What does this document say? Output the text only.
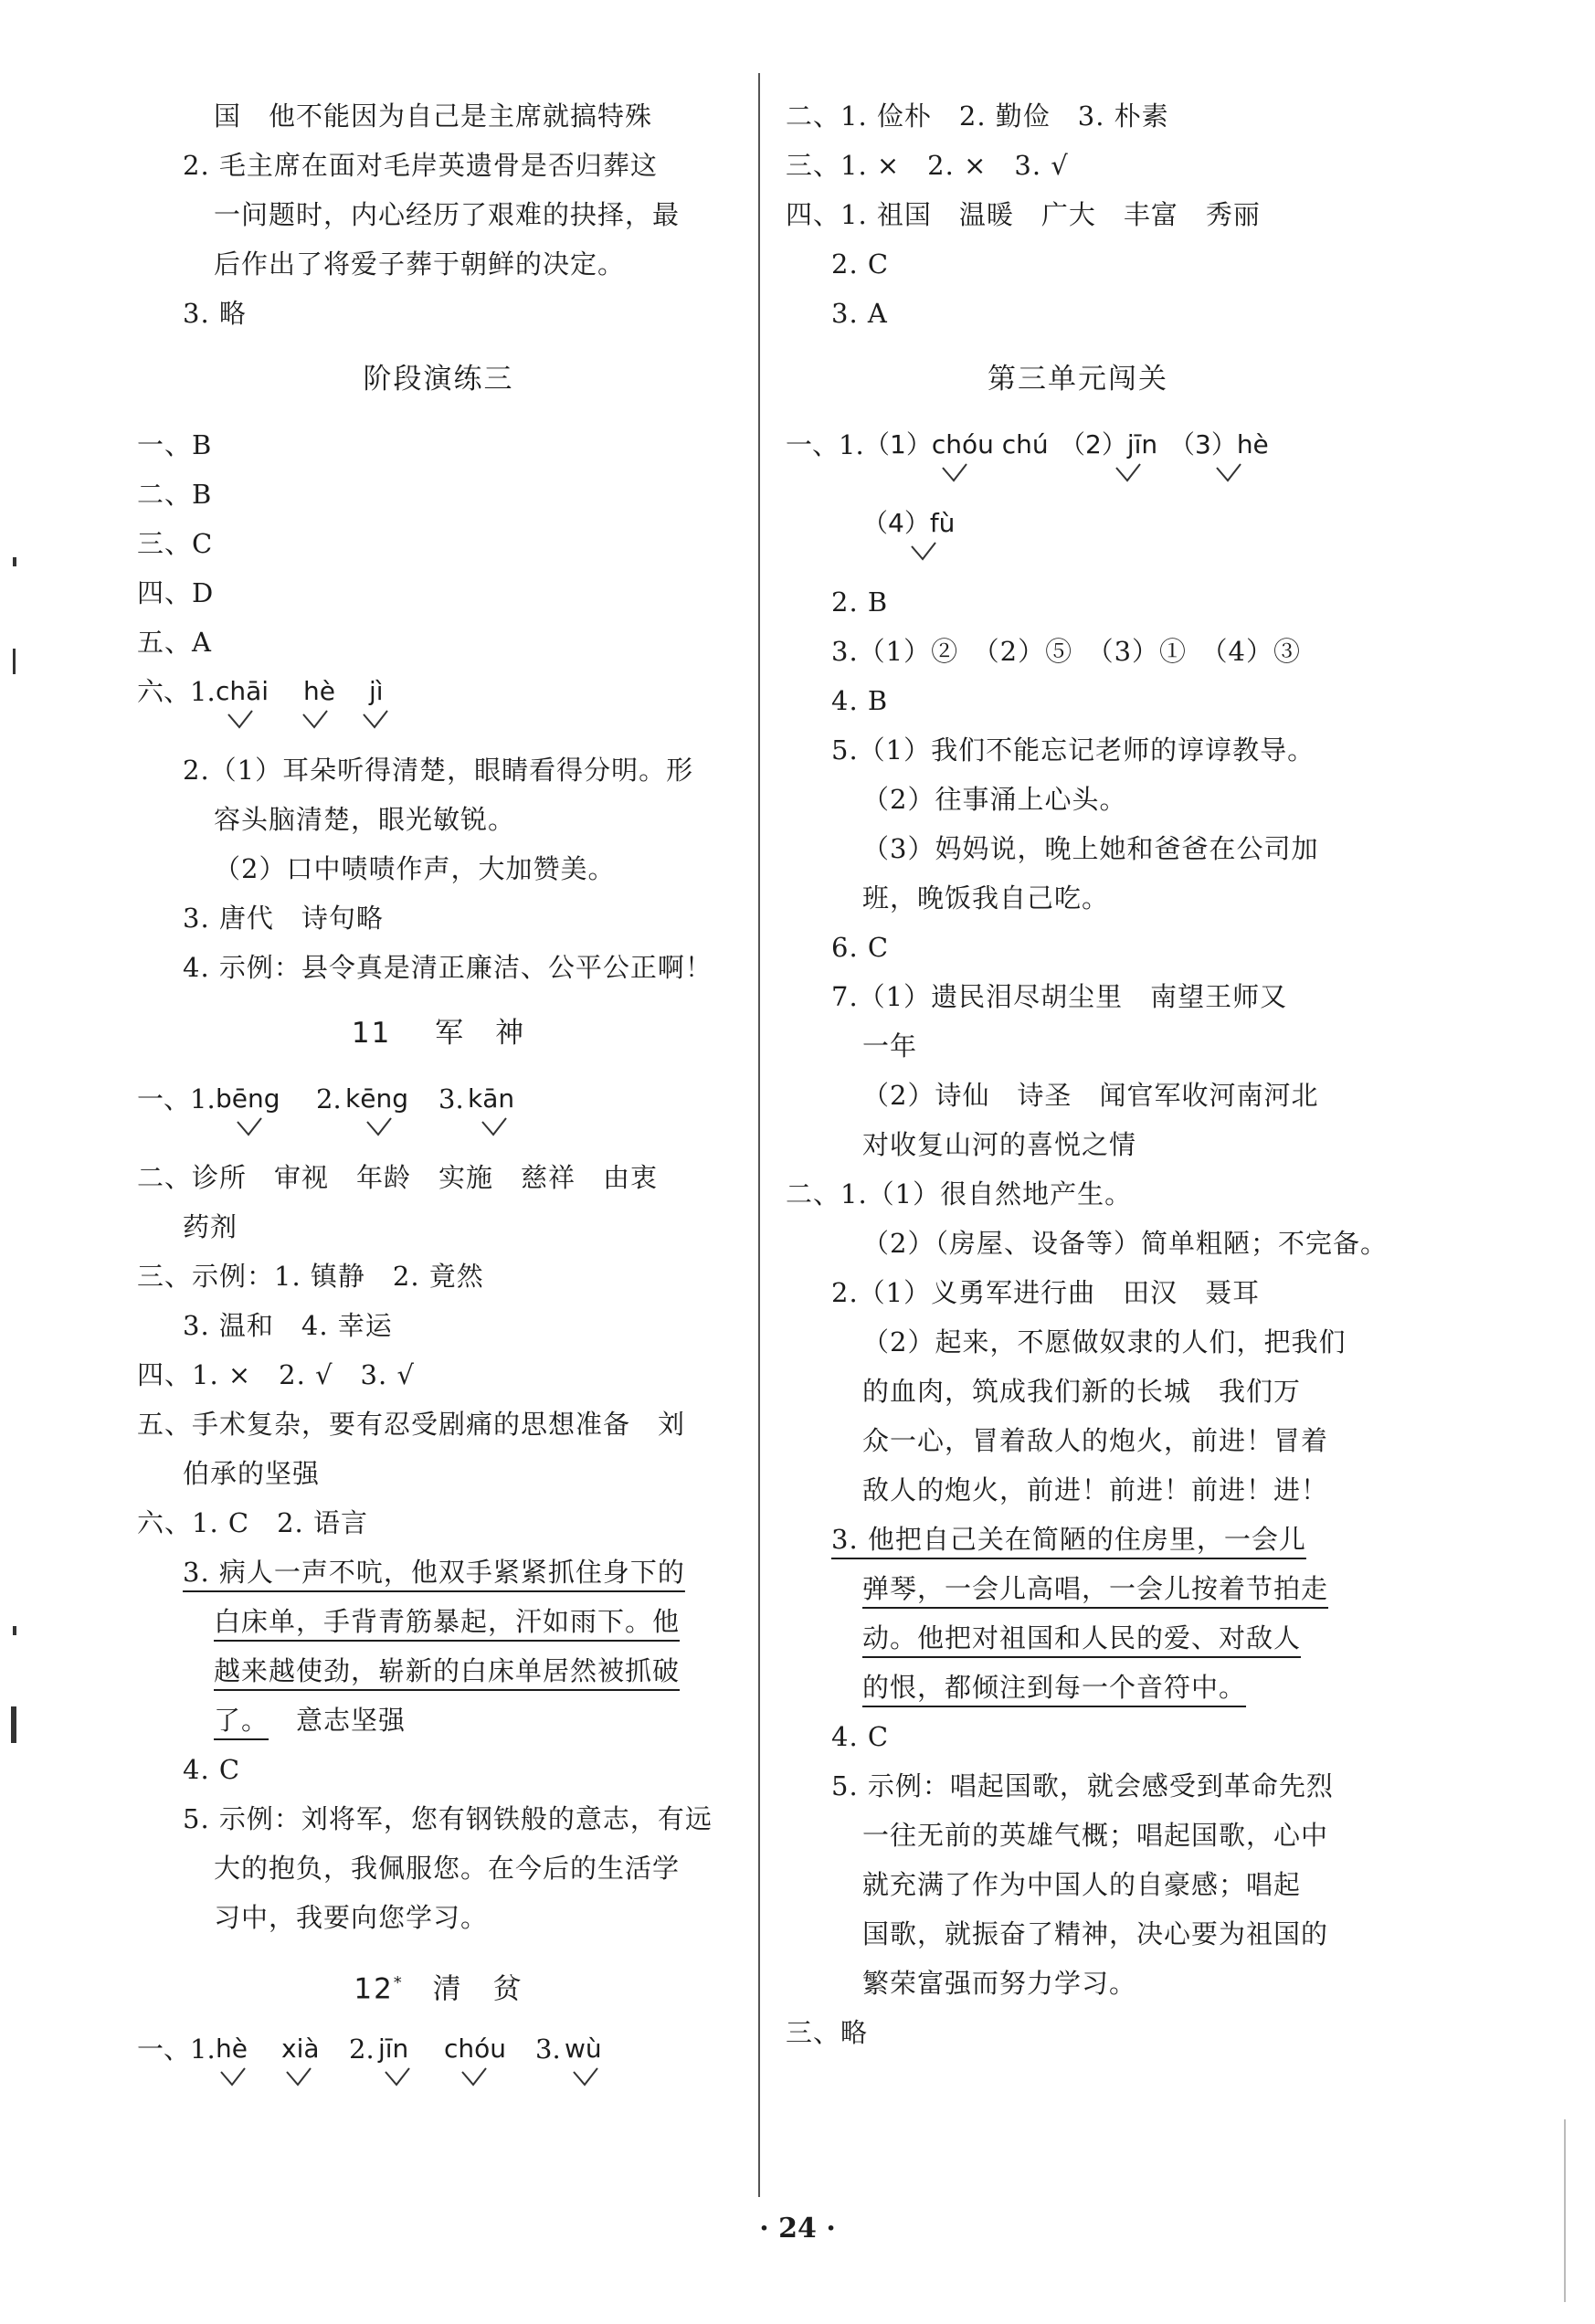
国　他不能因为自己是主席就搞特殊
2. 毛主席在面对毛岸英遗骨是否归葬这
一问题时，内心经历了艰难的抉择，最
后作出了将爱子葬于朝鲜的决定。
3. 略
阶段演练三
一、B
二、B
三、C
四、D
五、A
六、1. chāi hè jì
2.（1）耳朵听得清楚，眼睛看得分明。形
容头脑清楚，眼光敏锐。
（2）口中啧啧作声，大加赞美。
3. 唐代　诗句略
4. 示例：县令真是清正廉洁、公平公正啊！
11 军　神
一、1. bēng 2. kēng 3. kān
二、诊所　审视　年龄　实施　慈祥　由衷
药剂
三、示例：1. 镇静　2. 竟然
3. 温和　4. 幸运
四、1. ×　2. √　3. √
五、手术复杂，要有忍受剧痛的思想准备　刘
伯承的坚强
六、1. C　2. 语言
3. 病人一声不吭，他双手紧紧抓住身下的
白床单，手背青筋暴起，汗如雨下。他
越来越使劲，崭新的白床单居然被抓破
了。 意志坚强
4. C
5. 示例：刘将军，您有钢铁般的意志，有远
大的抱负，我佩服您。在今后的生活学
习中，我要向您学习。
12* 清　贫
一、1. hè xià 2. jīn chóu 3. wù
二、1. 俭朴　2. 勤俭　3. 朴素
三、1. ×　2. ×　3. √
四、1. 祖国　温暖　广大　丰富　秀丽
2. C
3. A
第三单元闯关
一、1. （1）chóu chú （2）jīn （3）hè
（4）fù
2. B
3.（1）②　（2）⑤　（3）①　（4）③
4. B
5.（1）我们不能忘记老师的谆谆教导。
（2）往事涌上心头。
（3）妈妈说，晚上她和爸爸在公司加
班，晚饭我自己吃。
6. C
7.（1）遗民泪尽胡尘里　南望王师又
一年
（2）诗仙　诗圣　闻官军收河南河北
对收复山河的喜悦之情
二、1.（1）很自然地产生。
（2）（房屋、设备等）简单粗陋；不完备。
2.（1）义勇军进行曲　田汉　聂耳
（2）起来，不愿做奴隶的人们，把我们
的血肉，筑成我们新的长城　我们万
众一心，冒着敌人的炮火，前进！冒着
敌人的炮火，前进！前进！前进！进！
3. 他把自己关在简陋的住房里，一会儿
弹琴，一会儿高唱，一会儿按着节拍走
动。他把对祖国和人民的爱、对敌人
的恨，都倾注到每一个音符中。
4. C
5. 示例：唱起国歌，就会感受到革命先烈
一往无前的英雄气概；唱起国歌，心中
就充满了作为中国人的自豪感；唱起
国歌，就振奋了精神，决心要为祖国的
繁荣富强而努力学习。
三、略
· 24 ·
